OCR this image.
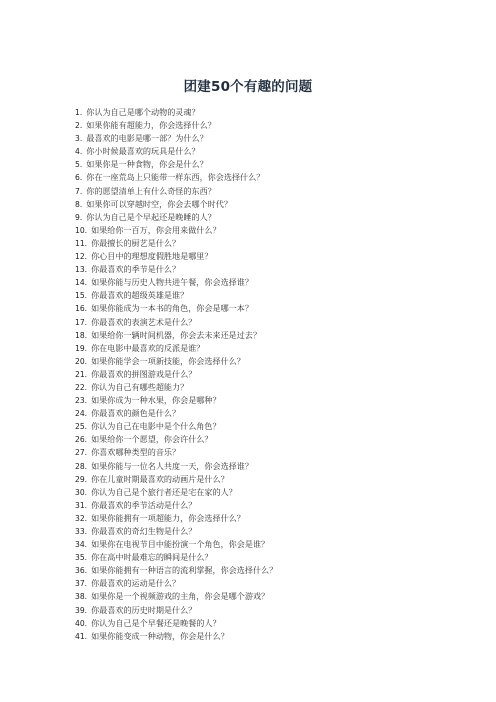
团建50个有趣的问题
1. 你认为自己是哪个动物的灵魂？
2. 如果你能有超能力，你会选择什么？
3. 最喜欢的电影是哪一部？为什么？
4. 你小时候最喜欢的玩具是什么？
5. 如果你是一种食物，你会是什么？
6. 你在一座荒岛上只能带一样东西，你会选择什么？
7. 你的愿望清单上有什么奇怪的东西？
8. 如果你可以穿越时空，你会去哪个时代？
9. 你认为自己是个早起还是晚睡的人？
10. 如果给你一百万，你会用来做什么？
11. 你最擅长的厨艺是什么？
12. 你心目中的理想度假胜地是哪里？
13. 你最喜欢的季节是什么？
14. 如果你能与历史人物共进午餐，你会选择谁？
15. 你最喜欢的超级英雄是谁？
16. 如果你能成为一本书的角色，你会是哪一本？
17. 你最喜欢的表演艺术是什么？
18. 如果给你一辆时间机器，你会去未来还是过去？
19. 你在电影中最喜欢的反派是谁？
20. 如果你能学会一项新技能，你会选择什么？
21. 你最喜欢的拼图游戏是什么？
22. 你认为自己有哪些超能力？
23. 如果你成为一种水果，你会是哪种？
24. 你最喜欢的颜色是什么？
25. 你认为自己在电影中是个什么角色？
26. 如果给你一个愿望，你会许什么？
27. 你喜欢哪种类型的音乐？
28. 如果你能与一位名人共度一天，你会选择谁？
29. 你在儿童时期最喜欢的动画片是什么？
30. 你认为自己是个旅行者还是宅在家的人？
31. 你最喜欢的季节活动是什么？
32. 如果你能拥有一项超能力，你会选择什么？
33. 你最喜欢的奇幻生物是什么？
34. 如果你在电视节目中能扮演一个角色，你会是谁？
35. 你在高中时最难忘的瞬间是什么？
36. 如果你能拥有一种语言的流利掌握，你会选择什么？
37. 你最喜欢的运动是什么？
38. 如果你是一个视频游戏的主角，你会是哪个游戏？
39. 你最喜欢的历史时期是什么？
40. 你认为自己是个早餐还是晚餐的人？
41. 如果你能变成一种动物，你会是什么？
